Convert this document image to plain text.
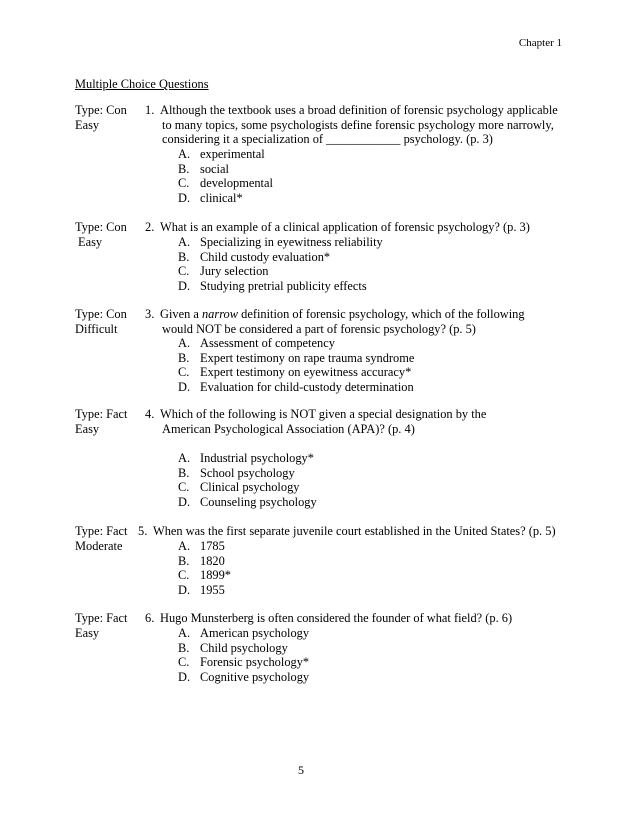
Chapter 1
Multiple Choice Questions
Type: Con
Easy
1. Although the textbook uses a broad definition of forensic psychology applicable
to many topics, some psychologists define forensic psychology more narrowly,
considering it a specialization of ____________ psychology. (p. 3)
A. experimental
B. social
C. developmental
D. clinical*
Type: Con
Easy
2. What is an example of a clinical application of forensic psychology? (p. 3)
A. Specializing in eyewitness reliability
B. Child custody evaluation*
C. Jury selection
D. Studying pretrial publicity effects
Type: Con
Difficult
3. Given a narrow definition of forensic psychology, which of the following
would NOT be considered a part of forensic psychology? (p. 5)
A. Assessment of competency
B. Expert testimony on rape trauma syndrome
C. Expert testimony on eyewitness accuracy*
D. Evaluation for child-custody determination
Type: Fact
Easy
4. Which of the following is NOT given a special designation by the
American Psychological Association (APA)? (p. 4)
A. Industrial psychology*
B. School psychology
C. Clinical psychology
D. Counseling psychology
Type: Fact
Moderate
5. When was the first separate juvenile court established in the United States? (p. 5)
A. 1785
B. 1820
C. 1899*
D. 1955
Type: Fact
Easy
6. Hugo Munsterberg is often considered the founder of what field? (p. 6)
A. American psychology
B. Child psychology
C. Forensic psychology*
D. Cognitive psychology
5
